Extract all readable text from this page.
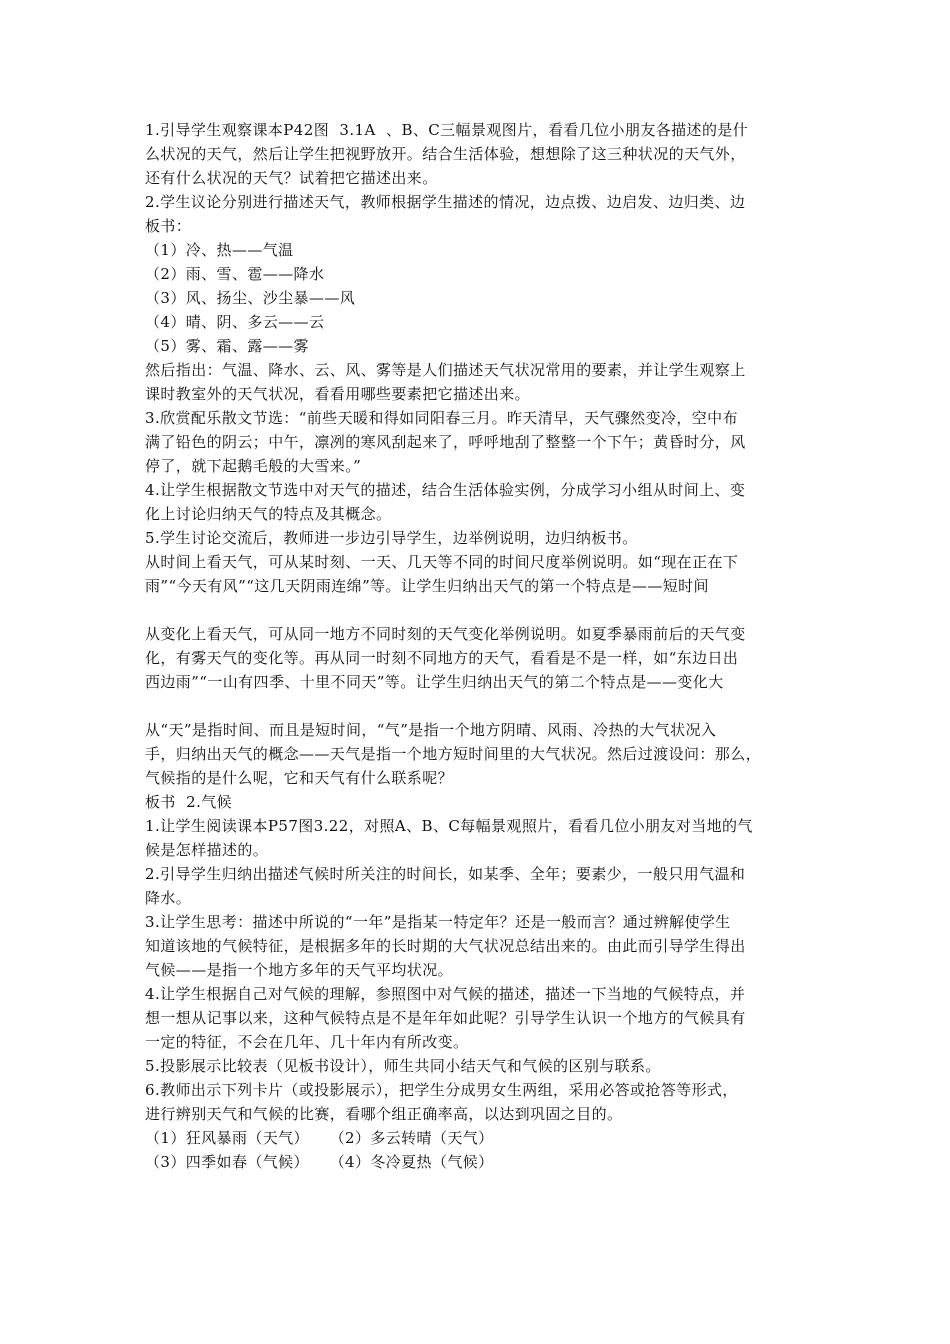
1.引导学生观察课本P42图  3.1A  、B、C三幅景观图片，看看几位小朋友各描述的是什
么状况的天气，然后让学生把视野放开。结合生活体验，想想除了这三种状况的天气外，
还有什么状况的天气？试着把它描述出来。
2.学生议论分别进行描述天气，教师根据学生描述的情况，边点拨、边启发、边归类、边
板书：
（1）冷、热——气温
（2）雨、雪、雹——降水
（3）风、扬尘、沙尘暴——风
（4）晴、阴、多云——云
（5）雾、霜、露——雾
然后指出：气温、降水、云、风、雾等是人们描述天气状况常用的要素，并让学生观察上
课时教室外的天气状况，看看用哪些要素把它描述出来。
3.欣赏配乐散文节选：“前些天暖和得如同阳春三月。昨天清早，天气骤然变冷，空中布
满了铅色的阴云；中午，凛冽的寒风刮起来了，呼呼地刮了整整一个下午；黄昏时分，风
停了，就下起鹅毛般的大雪来。”
4.让学生根据散文节选中对天气的描述，结合生活体验实例，分成学习小组从时间上、变
化上讨论归纳天气的特点及其概念。
5.学生讨论交流后，教师进一步边引导学生，边举例说明，边归纳板书。
从时间上看天气，可从某时刻、一天、几天等不同的时间尺度举例说明。如“现在正在下
雨”“今天有风”“这几天阴雨连绵”等。让学生归纳出天气的第一个特点是——短时间
从变化上看天气，可从同一地方不同时刻的天气变化举例说明。如夏季暴雨前后的天气变
化，有雾天气的变化等。再从同一时刻不同地方的天气，看看是不是一样，如“东边日出
西边雨”“一山有四季、十里不同天”等。让学生归纳出天气的第二个特点是——变化大
从“天”是指时间、而且是短时间，“气”是指一个地方阴晴、风雨、冷热的大气状况入
手，归纳出天气的概念——天气是指一个地方短时间里的大气状况。然后过渡设问：那么，
气候指的是什么呢，它和天气有什么联系呢？
板书  2.气候
1.让学生阅读课本P57图3.22，对照A、B、C每幅景观照片，看看几位小朋友对当地的气
候是怎样描述的。
2.引导学生归纳出描述气候时所关注的时间长，如某季、全年；要素少，一般只用气温和
降水。
3.让学生思考：描述中所说的“一年”是指某一特定年？还是一般而言？通过辨解使学生
知道该地的气候特征，是根据多年的长时期的大气状况总结出来的。由此而引导学生得出
气候——是指一个地方多年的天气平均状况。
4.让学生根据自己对气候的理解，参照图中对气候的描述，描述一下当地的气候特点，并
想一想从记事以来，这种气候特点是不是年年如此呢？引导学生认识一个地方的气候具有
一定的特征，不会在几年、几十年内有所改变。
5.投影展示比较表（见板书设计），师生共同小结天气和气候的区别与联系。
6.教师出示下列卡片（或投影展示），把学生分成男女生两组，采用必答或抢答等形式，
进行辨别天气和气候的比赛，看哪个组正确率高，以达到巩固之目的。
（1）狂风暴雨（天气）    （2）多云转晴（天气）
（3）四季如春（气候）    （4）冬冷夏热（气候）
